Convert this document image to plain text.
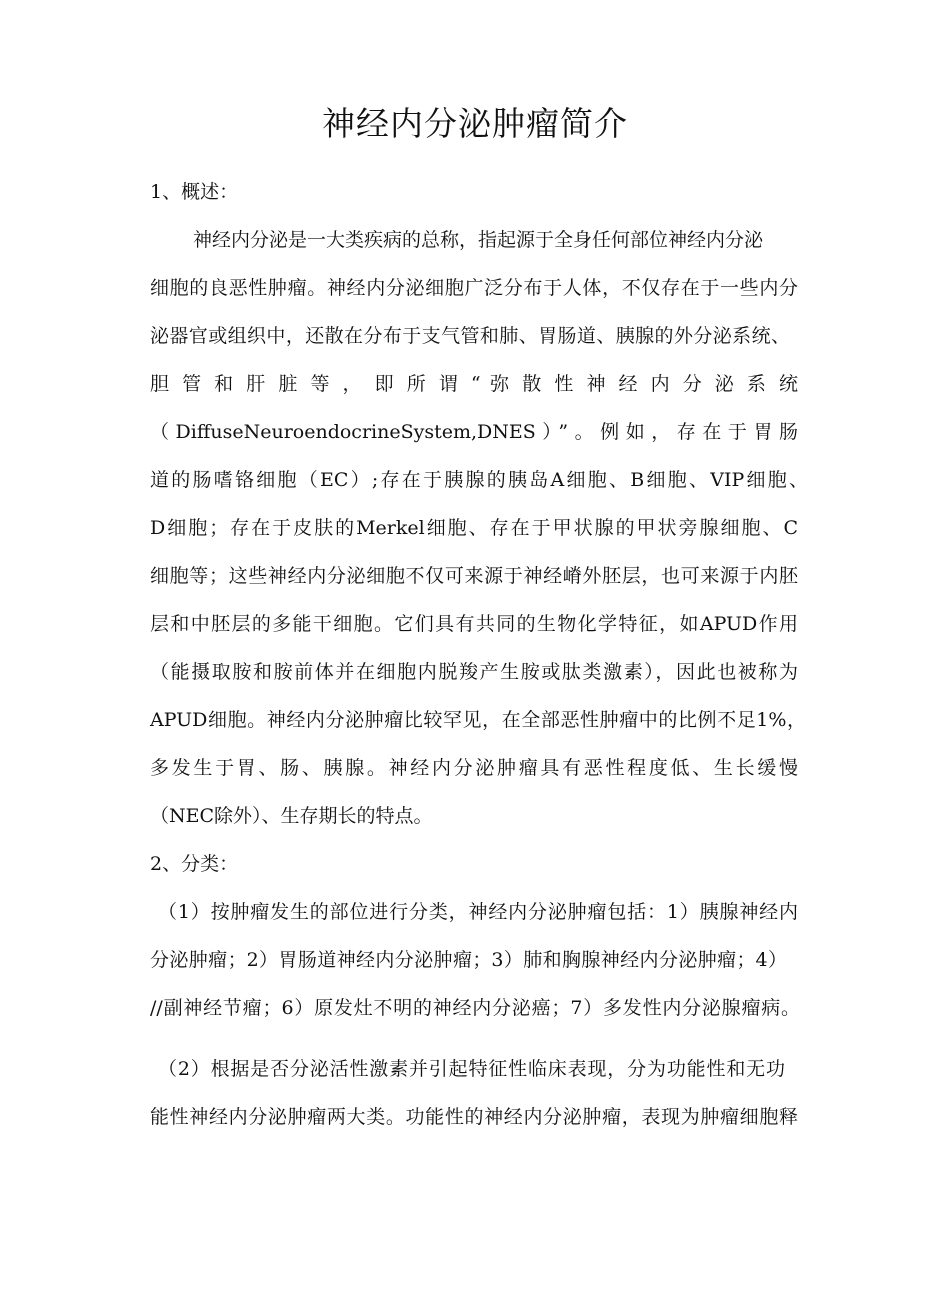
神经内分泌肿瘤简介
1、概述：
神经内分泌是一大类疾病的总称，指起源于全身任何部位神经内分泌
细胞的良恶性肿瘤。神经内分泌细胞广泛分布于人体，不仅存在于一些内分
泌器官或组织中，还散在分布于支气管和肺、胃肠道、胰腺的外分泌系统、
胆 管 和 肝 脏 等 ， 即 所 谓 “ 弥 散 性 神 经 内 分 泌 系 统
（DiffuseNeuroendocrineSystem,DNES）”。例如，存在于胃肠
道的肠嗜铬细胞（EC）;存在于胰腺的胰岛A细胞、B细胞、VIP细胞、
D细胞；存在于皮肤的Merkel细胞、存在于甲状腺的甲状旁腺细胞、C
细胞等；这些神经内分泌细胞不仅可来源于神经嵴外胚层，也可来源于内胚
层和中胚层的多能干细胞。它们具有共同的生物化学特征，如APUD作用
（能摄取胺和胺前体并在细胞内脱羧产生胺或肽类激素），因此也被称为
APUD细胞。神经内分泌肿瘤比较罕见，在全部恶性肿瘤中的比例不足1%，
多发生于胃、肠、胰腺。神经内分泌肿瘤具有恶性程度低、生长缓慢
（NEC除外）、生存期长的特点。
2、分类：
（1）按肿瘤发生的部位进行分类，神经内分泌肿瘤包括：1）胰腺神经内
分泌肿瘤；2）胃肠道神经内分泌肿瘤；3）肺和胸腺神经内分泌肿瘤；4）
//副神经节瘤；6）原发灶不明的神经内分泌癌；7）多发性内分泌腺瘤病。
（2）根据是否分泌活性激素并引起特征性临床表现，分为功能性和无功
能性神经内分泌肿瘤两大类。功能性的神经内分泌肿瘤，表现为肿瘤细胞释
